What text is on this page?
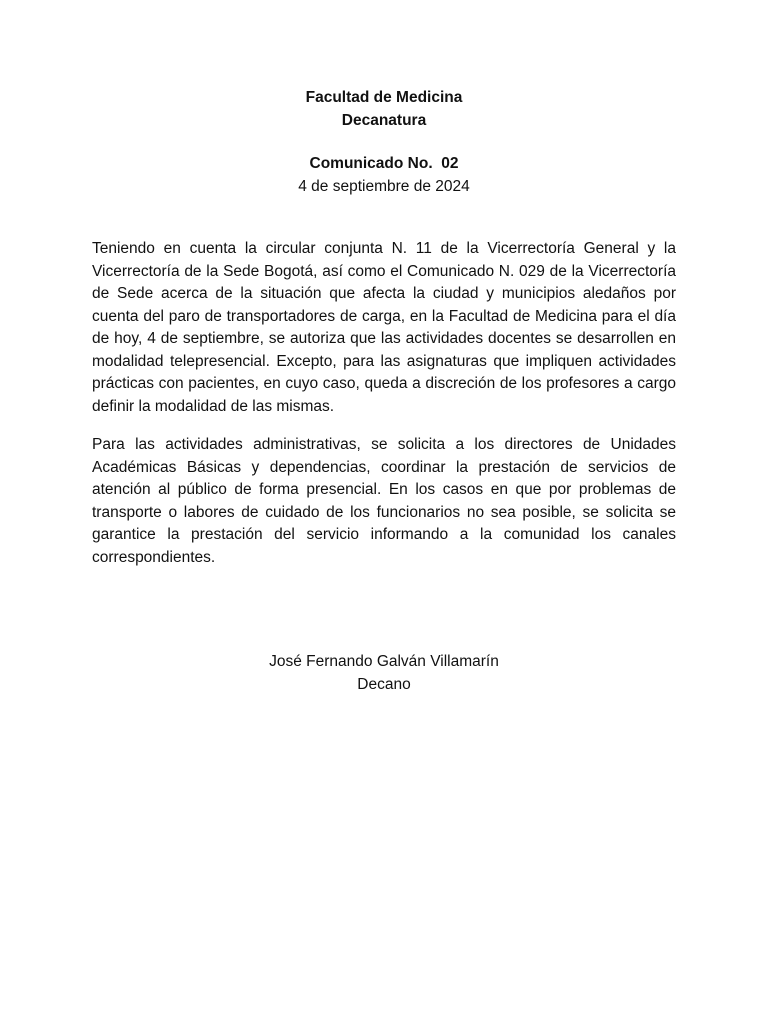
Facultad de Medicina
Decanatura
Comunicado No.  02
4 de septiembre de 2024

Teniendo en cuenta la circular conjunta N. 11 de la Vicerrectoría General y la Vicerrectoría de la Sede Bogotá, así como el Comunicado N. 029 de la Vicerrectoría de Sede acerca de la situación que afecta la ciudad y municipios aledaños por cuenta del paro de transportadores de carga, en la Facultad de Medicina para el día de hoy, 4 de septiembre, se autoriza que las actividades docentes se desarrollen en modalidad telepresencial. Excepto, para las asignaturas que impliquen actividades prácticas con pacientes, en cuyo caso, queda a discreción de los profesores a cargo definir la modalidad de las mismas.

Para las actividades administrativas, se solicita a los directores de Unidades Académicas Básicas y dependencias, coordinar la prestación de servicios de atención al público de forma presencial. En los casos en que por problemas de transporte o labores de cuidado de los funcionarios no sea posible, se solicita se garantice la prestación del servicio informando a la comunidad los canales correspondientes.

José Fernando Galván Villamarín
Decano
